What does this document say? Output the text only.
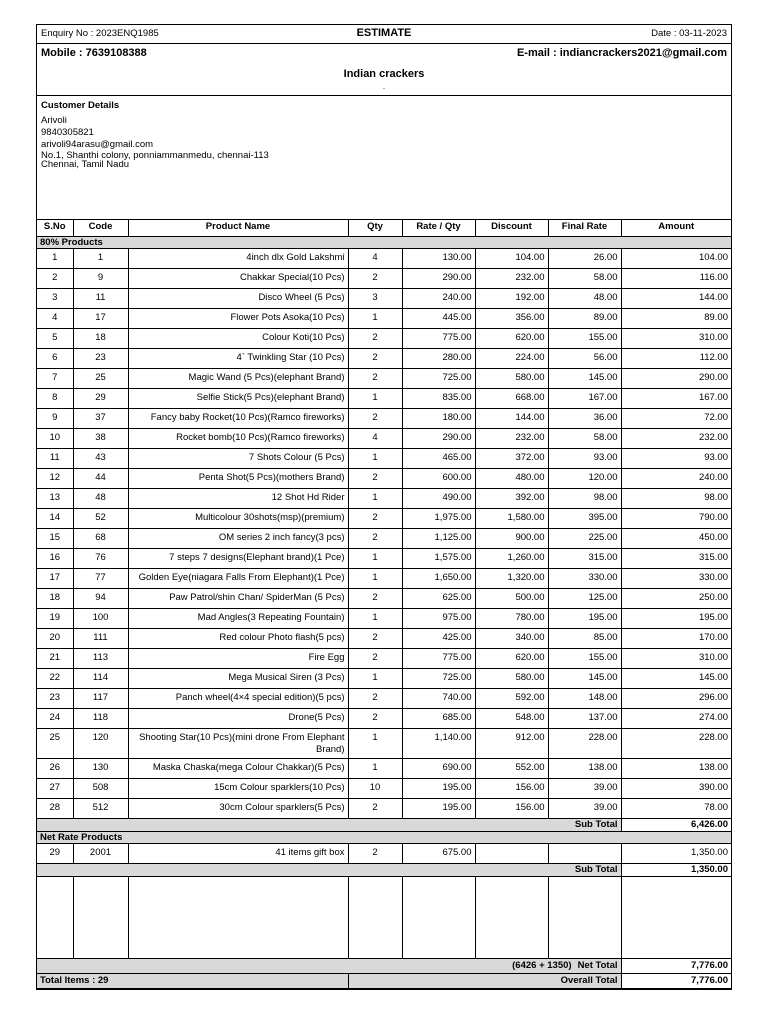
Enquiry No : 2023ENQ1985	ESTIMATE	Date : 03-11-2023
Mobile : 7639108388	E-mail : indiancrackers2021@gmail.com
Indian crackers
.
Customer Details
Arivoli
9840305821
arivoli94arasu@gmail.com
No.1, Shanthi colony, ponniammanmedu, chennai-113
Chennai, Tamil Nadu
S.No	Code	Product Name	Qty	Rate / Qty	Discount	Final Rate	Amount
80% Products							
1	1	4inch dlx Gold Lakshmi	4	130.00	104.00	26.00	104.00
2	9	Chakkar Special(10 Pcs)	2	290.00	232.00	58.00	116.00
3	11	Disco Wheel (5 Pcs)	3	240.00	192.00	48.00	144.00
4	17	Flower Pots Asoka(10 Pcs)	1	445.00	356.00	89.00	89.00
5	18	Colour Koti(10 Pcs)	2	775.00	620.00	155.00	310.00
6	23	4` Twinkling Star (10 Pcs)	2	280.00	224.00	56.00	112.00
7	25	Magic Wand (5 Pcs)(elephant Brand)	2	725.00	580.00	145.00	290.00
8	29	Selfie Stick(5 Pcs)(elephant Brand)	1	835.00	668.00	167.00	167.00
9	37	Fancy baby Rocket(10 Pcs)(Ramco fireworks)	2	180.00	144.00	36.00	72.00
10	38	Rocket bomb(10 Pcs)(Ramco fireworks)	4	290.00	232.00	58.00	232.00
11	43	7 Shots Colour (5 Pcs)	1	465.00	372.00	93.00	93.00
12	44	Penta Shot(5 Pcs)(mothers Brand)	2	600.00	480.00	120.00	240.00
13	48	12 Shot Hd Rider	1	490.00	392.00	98.00	98.00
14	52	Multicolour 30shots(msp)(premium)	2	1,975.00	1,580.00	395.00	790.00
15	68	OM series 2 inch fancy(3 pcs)	2	1,125.00	900.00	225.00	450.00
16	76	7 steps 7 designs(Elephant brand)(1 Pce)	1	1,575.00	1,260.00	315.00	315.00
17	77	Golden Eye(niagara Falls From Elephant)(1 Pce)	1	1,650.00	1,320.00	330.00	330.00
18	94	Paw Patrol/shin Chan/ SpiderMan (5 Pcs)	2	625.00	500.00	125.00	250.00
19	100	Mad Angles(3 Repeating Fountain)	1	975.00	780.00	195.00	195.00
20	111	Red colour Photo flash(5 pcs)	2	425.00	340.00	85.00	170.00
21	113	Fire Egg	2	775.00	620.00	155.00	310.00
22	114	Mega Musical Siren (3 Pcs)	1	725.00	580.00	145.00	145.00
23	117	Panch wheel(4×4 special edition)(5 pcs)	2	740.00	592.00	148.00	296.00
24	118	Drone(5 Pcs)	2	685.00	548.00	137.00	274.00
25	120	Shooting Star(10 Pcs)(mini drone From Elephant Brand)	1	1,140.00	912.00	228.00	228.00
26	130	Maska Chaska(mega Colour Chakkar)(5 Pcs)	1	690.00	552.00	138.00	138.00
27	508	15cm Colour sparklers(10 Pcs)	10	195.00	156.00	39.00	390.00
28	512	30cm Colour sparklers(5 Pcs)	2	195.00	156.00	39.00	78.00
Sub Total							6,426.00
Net Rate Products							
29	2001	41 items gift box	2	675.00			1,350.00
Sub Total							1,350.00

(6426 + 1350) Net Total							7,776.00
Total Items : 29			Overall Total				7,776.00
